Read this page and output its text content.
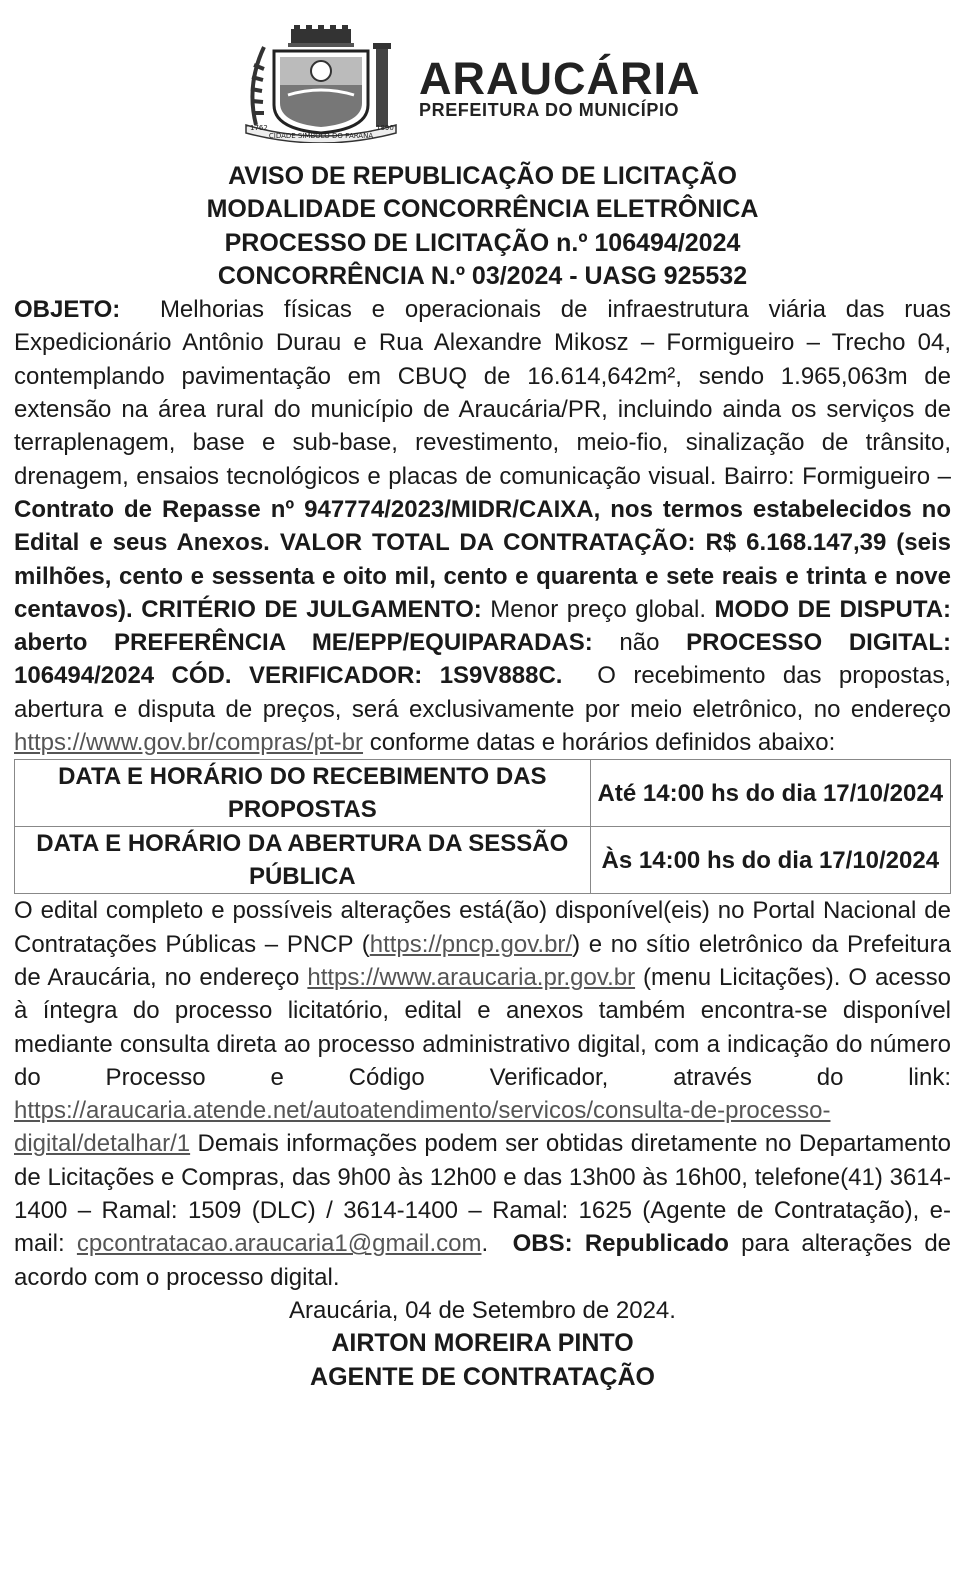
CIDADE SÍMBOLO DO PARANÁ
1762	1890
ARAUCÁRIA
PREFEITURA DO MUNICÍPIO
AVISO DE REPUBLICAÇÃO DE LICITAÇÃO
MODALIDADE CONCORRÊNCIA ELETRÔNICA
PROCESSO DE LICITAÇÃO n.º 106494/2024
CONCORRÊNCIA N.º 03/2024 - UASG 925532

OBJETO: Melhorias físicas e operacionais de infraestrutura viária das ruas Expedicionário Antônio Durau e Rua Alexandre Mikosz – Formigueiro – Trecho 04, contemplando pavimentação em CBUQ de 16.614,642m², sendo 1.965,063m de extensão na área rural do município de Araucária/PR, incluindo ainda os serviços de terraplenagem, base e sub-base, revestimento, meio-fio, sinalização de trânsito, drenagem, ensaios tecnológicos e placas de comunicação visual. Bairro: Formigueiro – Contrato de Repasse nº 947774/2023/MIDR/CAIXA, nos termos estabelecidos no Edital e seus Anexos. VALOR TOTAL DA CONTRATAÇÃO: R$ 6.168.147,39 (seis milhões, cento e sessenta e oito mil, cento e quarenta e sete reais e trinta e nove centavos). CRITÉRIO DE JULGAMENTO: Menor preço global. MODO DE DISPUTA: aberto PREFERÊNCIA ME/EPP/EQUIPARADAS: não PROCESSO DIGITAL: 106494/2024 CÓD. VERIFICADOR: 1S9V888C. O recebimento das propostas, abertura e disputa de preços, será exclusivamente por meio eletrônico, no endereço https://www.gov.br/compras/pt-br conforme datas e horários definidos abaixo:

DATA E HORÁRIO DO RECEBIMENTO DAS PROPOSTAS	Até 14:00 hs do dia 17/10/2024
DATA E HORÁRIO DA ABERTURA DA SESSÃO PÚBLICA	Às 14:00 hs do dia 17/10/2024

O edital completo e possíveis alterações está(ão) disponível(eis) no Portal Nacional de Contratações Públicas – PNCP (https://pncp.gov.br/) e no sítio eletrônico da Prefeitura de Araucária, no endereço https://www.araucaria.pr.gov.br (menu Licitações). O acesso à íntegra do processo licitatório, edital e anexos também encontra-se disponível mediante consulta direta ao processo administrativo digital, com a indicação do número do Processo e Código Verificador, através do link: https://araucaria.atende.net/autoatendimento/servicos/consulta-de-processo-digital/detalhar/1 Demais informações podem ser obtidas diretamente no Departamento de Licitações e Compras, das 9h00 às 12h00 e das 13h00 às 16h00, telefone(41) 3614-1400 – Ramal: 1509 (DLC) / 3614-1400 – Ramal: 1625 (Agente de Contratação), e-mail: cpcontratacao.araucaria1@gmail.com. OBS: Republicado para alterações de acordo com o processo digital.

Araucária, 04 de Setembro de 2024.
AIRTON MOREIRA PINTO
AGENTE DE CONTRATAÇÃO
